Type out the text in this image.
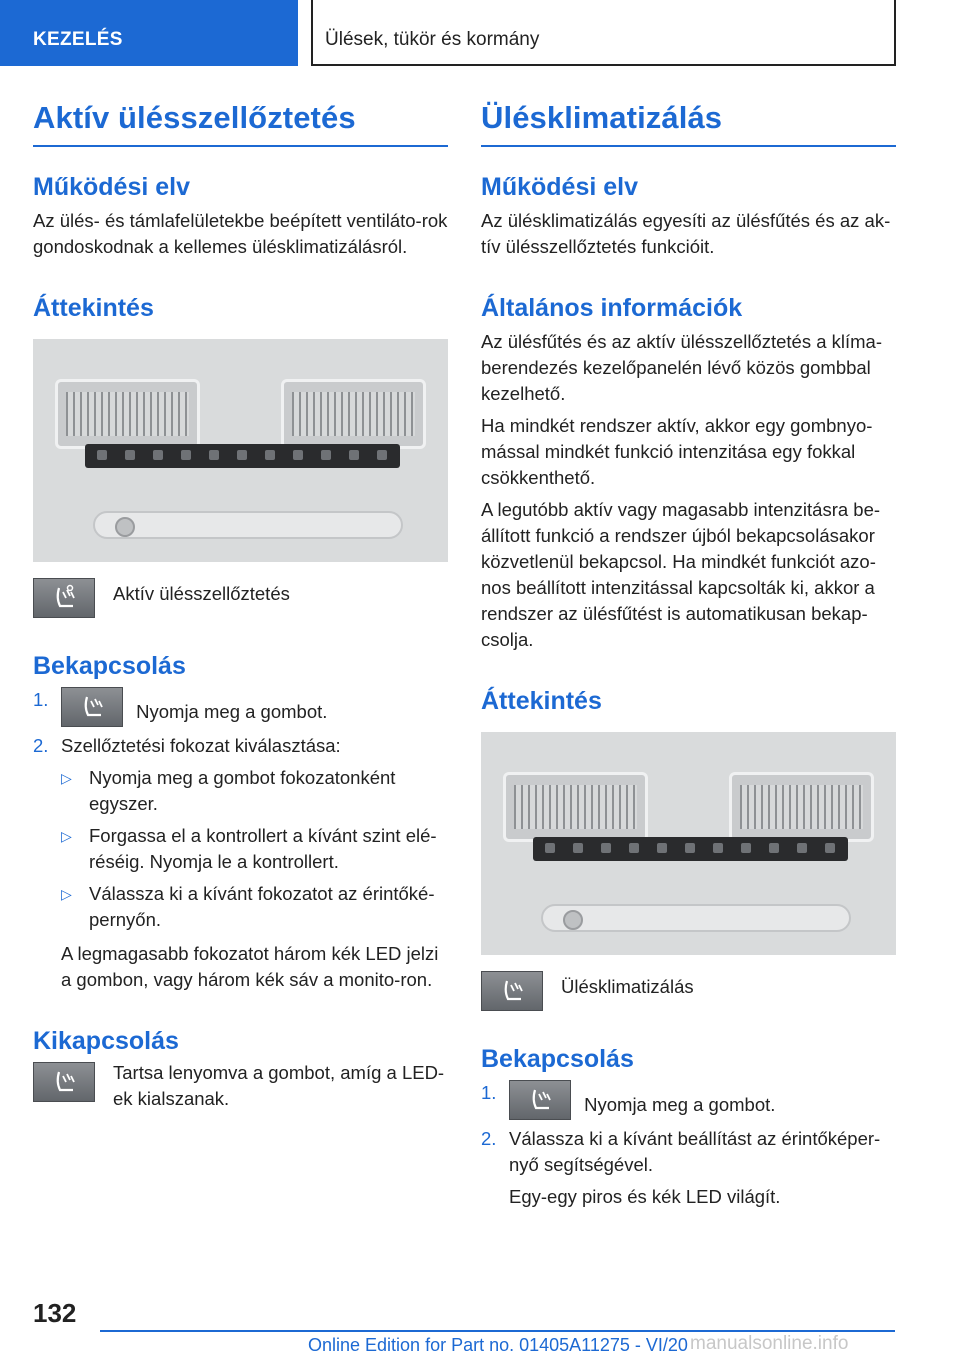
KEZELÉS	Ülések, tükör és kormány
Aktív ülésszellőztetés
Működési elv

Az ülés- és támlafelületekbe beépített ventiláto-rok gondoskodnak a kellemes ülésklimatizálásról.

Áttekintés
Aktív ülésszellőztetés
Bekapcsolás
1.
Nyomja meg a gombot.
2. Szellőztetési fokozat kiválasztása:
▷ Nyomja meg a gombot fokozatonként egyszer.
▷ Forgassa el a kontrollert a kívánt szint elé-réséig. Nyomja le a kontrollert.
▷ Válassza ki a kívánt fokozatot az érintőké-pernyőn.

A legmagasabb fokozatot három kék LED jelzi a gombon, vagy három kék sáv a monito-ron.

Kikapcsolás
Tartsa lenyomva a gombot, amíg a LED-ek kialszanak.
Ülésklimatizálás
Működési elv

Az ülésklimatizálás egyesíti az ülésfűtés és az ak-tív ülésszellőztetés funkcióit.

Általános információk

Az ülésfűtés és az aktív ülésszellőztetés a klíma-berendezés kezelőpanelén lévő közös gombbal kezelhető.

Ha mindkét rendszer aktív, akkor egy gombnyo-mással mindkét funkció intenzitása egy fokkal csökkenthető.

A legutóbb aktív vagy magasabb intenzitásra be-állított funkció a rendszer újból bekapcsolásakor közvetlenül bekapcsol. Ha mindkét funkciót azo-nos beállított intenzitással kapcsolták ki, akkor a rendszer az ülésfűtést is automatikusan bekap-csolja.

Áttekintés
Ülésklimatizálás
Bekapcsolás
1.
Nyomja meg a gombot.
2. Válassza ki a kívánt beállítást az érintőképer-nyő segítségével.

Egy-egy piros és kék LED világít.

132
Online Edition for Part no. 01405A11275 - VI/20 manualsonline.info
